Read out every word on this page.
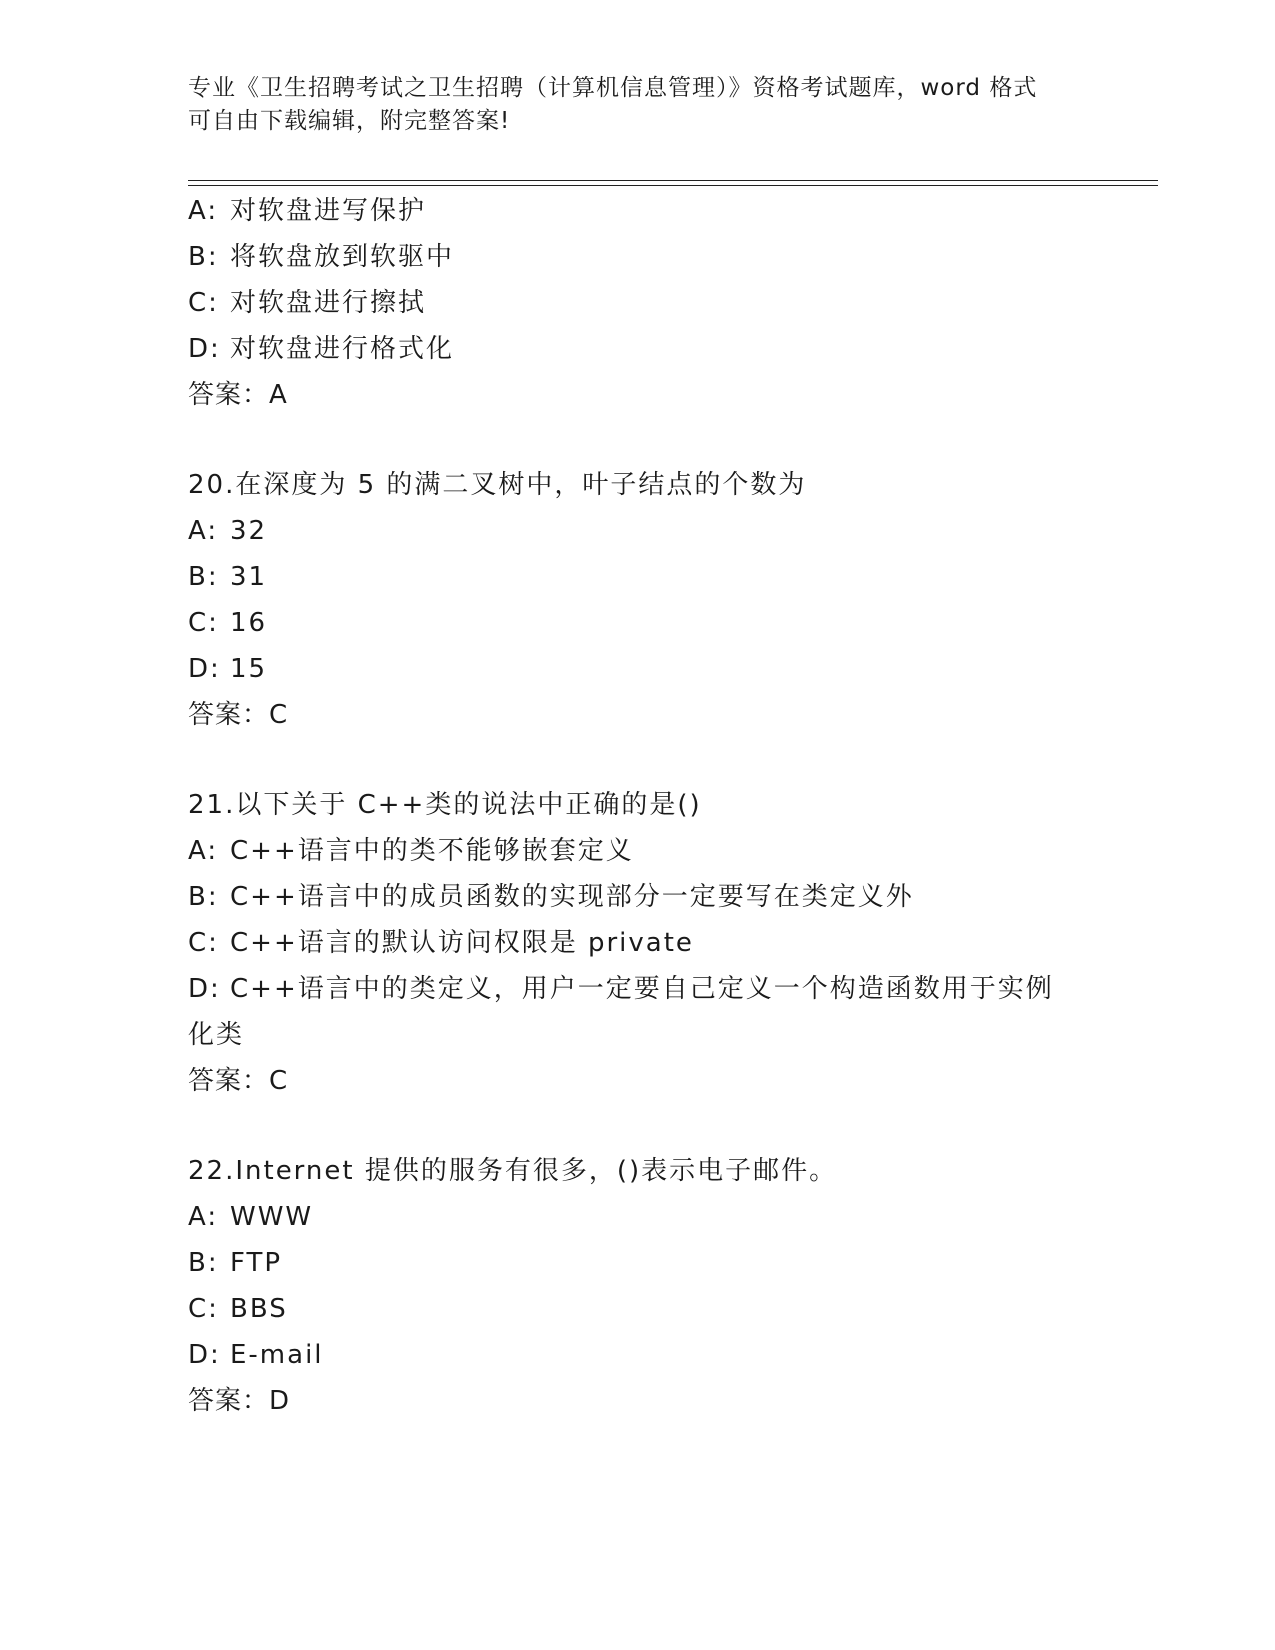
专业《卫生招聘考试之卫生招聘（计算机信息管理）》资格考试题库，word 格式
可自由下载编辑，附完整答案!
A: 对软盘进写保护
B: 将软盘放到软驱中
C: 对软盘进行擦拭
D: 对软盘进行格式化
答案：A
20.在深度为 5 的满二叉树中，叶子结点的个数为
A: 32
B: 31
C: 16
D: 15
答案：C
21.以下关于 C++类的说法中正确的是()
A: C++语言中的类不能够嵌套定义
B: C++语言中的成员函数的实现部分一定要写在类定义外
C: C++语言的默认访问权限是 private
D: C++语言中的类定义，用户一定要自己定义一个构造函数用于实例化类
答案：C
22.Internet 提供的服务有很多，()表示电子邮件。
A: WWW
B: FTP
C: BBS
D: E-mail
答案：D
